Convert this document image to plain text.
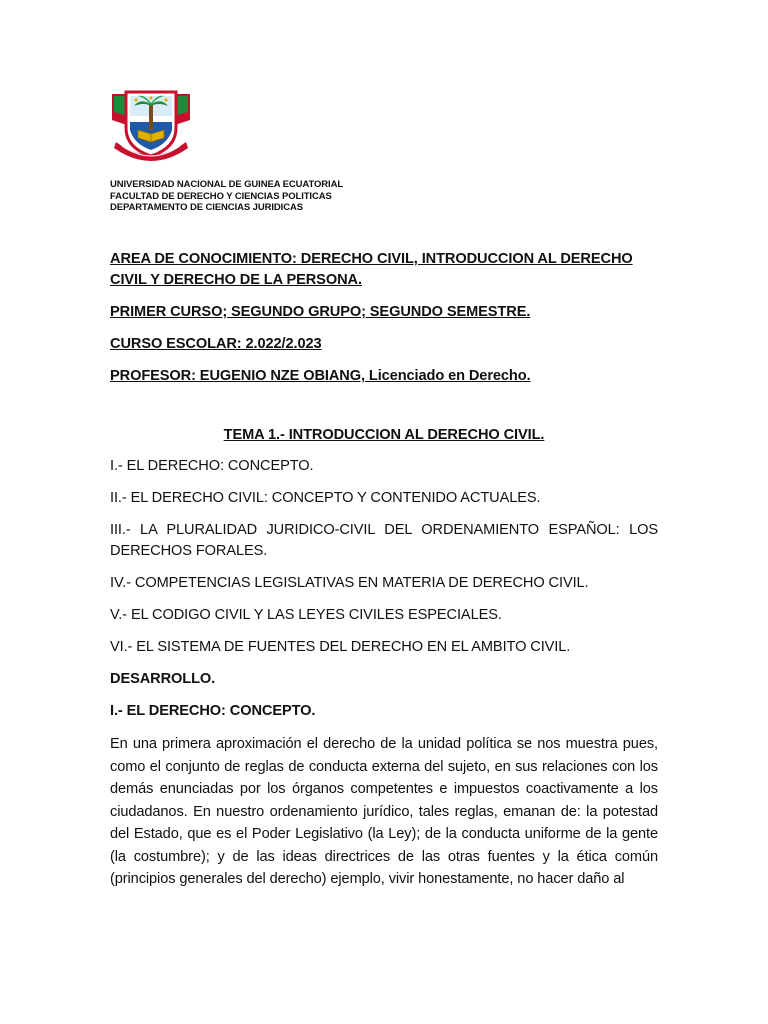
UNIVERSIDAD NACIONAL DE GUINEA ECUATORIAL
FACULTAD DE DERECHO Y CIENCIAS POLITICAS
DEPARTAMENTO DE CIENCIAS JURIDICAS

AREA DE CONOCIMIENTO: DERECHO CIVIL, INTRODUCCION AL DERECHO CIVIL Y DERECHO DE LA PERSONA.

PRIMER CURSO; SEGUNDO GRUPO; SEGUNDO SEMESTRE.

CURSO ESCOLAR: 2.022/2.023

PROFESOR: EUGENIO NZE OBIANG, Licenciado en Derecho.

TEMA 1.- INTRODUCCION AL DERECHO CIVIL.

I.- EL DERECHO: CONCEPTO.

II.- EL DERECHO CIVIL: CONCEPTO Y CONTENIDO ACTUALES.

III.- LA PLURALIDAD JURIDICO-CIVIL DEL ORDENAMIENTO ESPAÑOL: LOS DERECHOS FORALES.

IV.- COMPETENCIAS LEGISLATIVAS EN MATERIA DE DERECHO CIVIL.

V.- EL CODIGO CIVIL Y LAS LEYES CIVILES ESPECIALES.

VI.- EL SISTEMA DE FUENTES DEL DERECHO EN EL AMBITO CIVIL.

DESARROLLO.

I.- EL DERECHO: CONCEPTO.

En una primera aproximación el derecho de la unidad política se nos muestra pues, como el conjunto de reglas de conducta externa del sujeto, en sus relaciones con los demás enunciadas por los órganos competentes e impuestos coactivamente a los ciudadanos. En nuestro ordenamiento jurídico, tales reglas, emanan de: la potestad del Estado, que es el Poder Legislativo (la Ley); de la conducta uniforme de la gente (la costumbre); y de las ideas directrices de las otras fuentes y la ética común (principios generales del derecho) ejemplo, vivir honestamente, no hacer daño al
